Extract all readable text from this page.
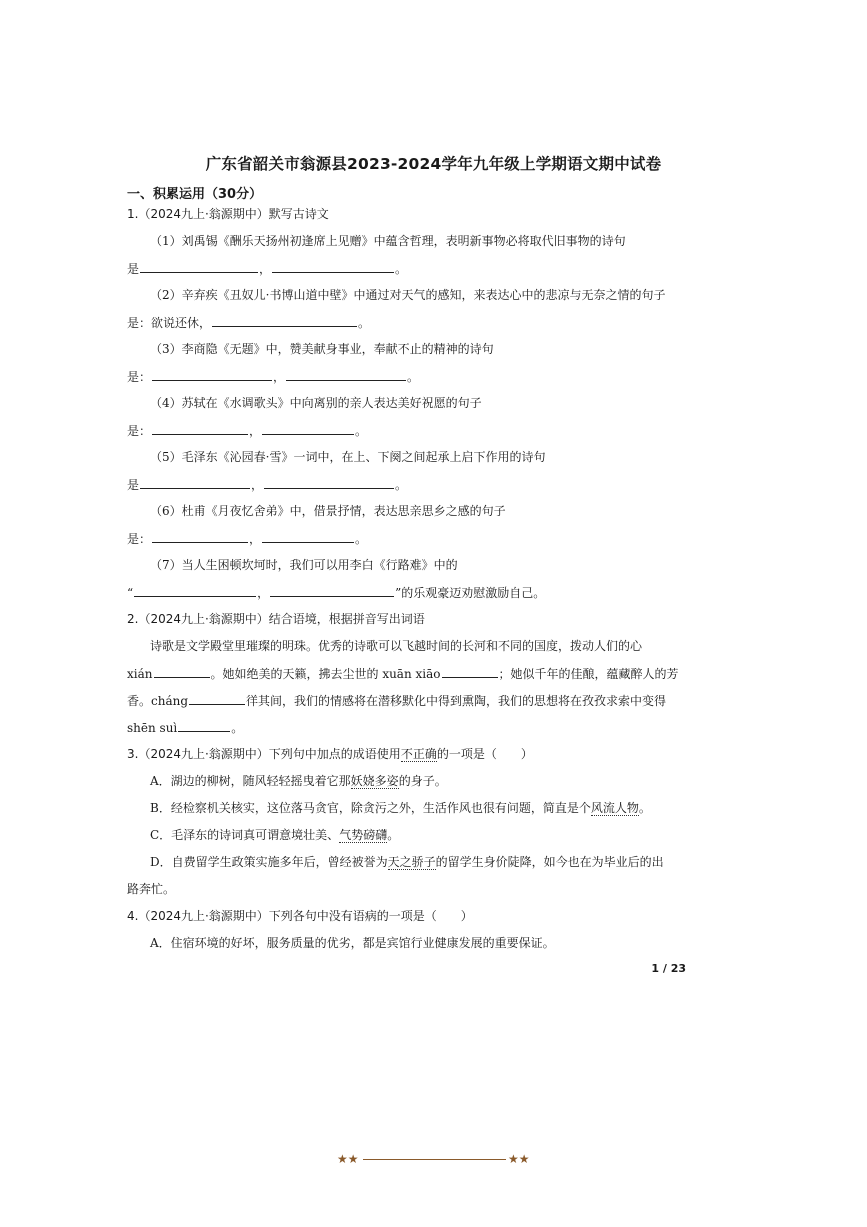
广东省韶关市翁源县2023-2024学年九年级上学期语文期中试卷
一、积累运用（30分）
1.（2024九上·翁源期中）默写古诗文
（1）刘禹锡《酬乐天扬州初逢席上见赠》中蕴含哲理，表明新事物必将取代旧事物的诗句
是	，	。
（2）辛弃疾《丑奴儿·书博山道中壁》中通过对天气的感知，来表达心中的悲凉与无奈之情的句子
是：欲说还休，	。
（3）李商隐《无题》中，赞美献身事业，奉献不止的精神的诗句
是：	，	。
（4）苏轼在《水调歌头》中向离别的亲人表达美好祝愿的句子
是：	，	。
（5）毛泽东《沁园春·雪》一词中，在上、下阕之间起承上启下作用的诗句
是	，	。
（6）杜甫《月夜忆舍弟》中，借景抒情，表达思亲思乡之感的句子
是：	，	。
（7）当人生困顿坎坷时，我们可以用李白《行路难》中的
“	，	”的乐观豪迈劝慰激励自己。
2.（2024九上·翁源期中）结合语境，根据拼音写出词语
诗歌是文学殿堂里璀璨的明珠。优秀的诗歌可以飞越时间的长河和不同的国度，拨动人们的心
xián	。她如绝美的天籁，拂去尘世的 xuān xiāo	；她似千年的佳酿，蕴藏醉人的芳
香。cháng	徉其间，我们的情感将在潜移默化中得到熏陶，我们的思想将在孜孜求索中变得
shēn suì	。
3.（2024九上·翁源期中）下列句中加点的成语使用不正确的一项是（　　）
A．湖边的柳树，随风轻轻摇曳着它那妖娆多姿的身子。
B．经检察机关核实，这位落马贪官，除贪污之外，生活作风也很有问题，简直是个风流人物。
C．毛泽东的诗词真可谓意境壮美、气势磅礴。
D．自费留学生政策实施多年后，曾经被誉为天之骄子的留学生身价陡降，如今也在为毕业后的出
路奔忙。
4.（2024九上·翁源期中）下列各句中没有语病的一项是（　　）
A．住宿环境的好坏，服务质量的优劣，都是宾馆行业健康发展的重要保证。
1 / 23
★★	★★
